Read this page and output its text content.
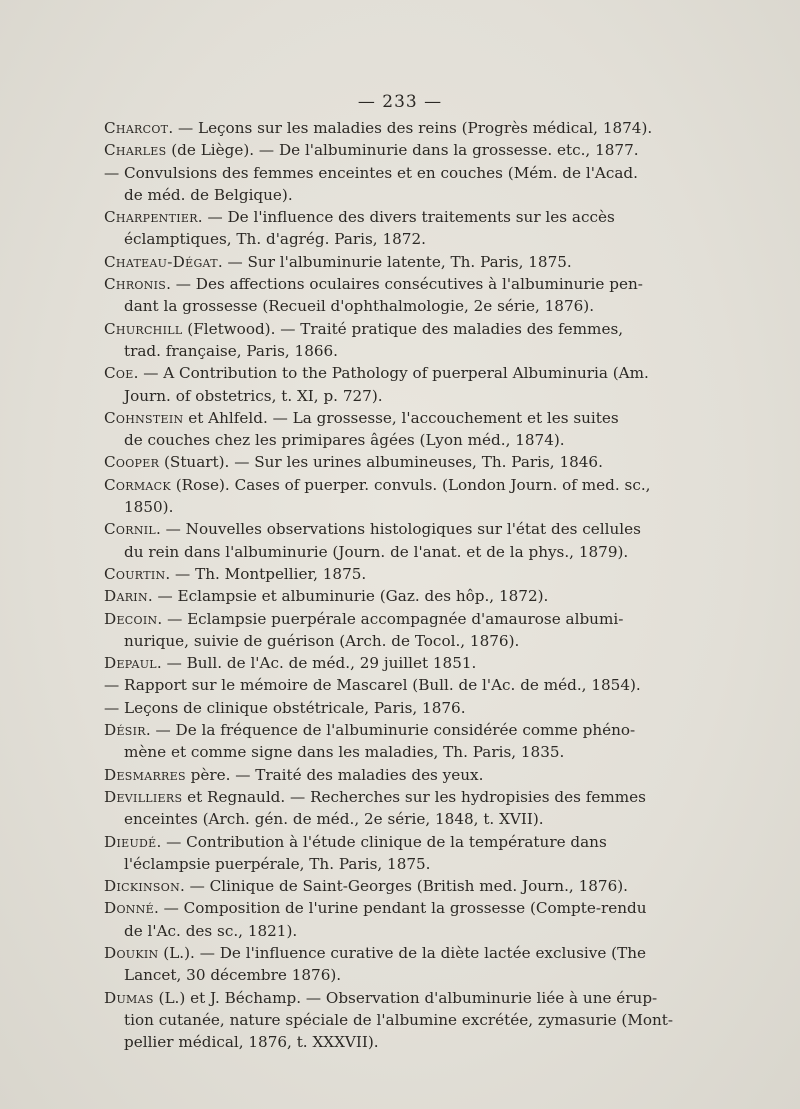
— 233 —

Charcot. — Leçons sur les maladies des reins (Progrès médical, 1874).

Charles (de Liège). — De l'albuminurie dans la grossesse. etc., 1877.

— Convulsions des femmes enceintes et en couches (Mém. de l'Acad.
de méd. de Belgique).

Charpentier. — De l'influence des divers traitements sur les accès
éclamptiques, Th. d'agrég. Paris, 1872.

Chateau-Dégat. — Sur l'albuminurie latente, Th. Paris, 1875.

Chronis. — Des affections oculaires consécutives à l'albuminurie pen-
dant la grossesse (Recueil d'ophthalmologie, 2e série, 1876).

Churchill (Fletwood). — Traité pratique des maladies des femmes,
trad. française, Paris, 1866.

Coe. — A Contribution to the Pathology of puerperal Albuminuria (Am.
Journ. of obstetrics, t. XI, p. 727).

Cohnstein et Ahlfeld. — La grossesse, l'accouchement et les suites
de couches chez les primipares âgées (Lyon méd., 1874).

Cooper (Stuart). — Sur les urines albumineuses, Th. Paris, 1846.

Cormack (Rose). Cases of puerper. convuls. (London Journ. of med. sc.,
1850).

Cornil. — Nouvelles observations histologiques sur l'état des cellules
du rein dans l'albuminurie (Journ. de l'anat. et de la phys., 1879).

Courtin. — Th. Montpellier, 1875.

Darin. — Eclampsie et albuminurie (Gaz. des hôp., 1872).

Decoin. — Eclampsie puerpérale accompagnée d'amaurose albumi-
nurique, suivie de guérison (Arch. de Tocol., 1876).

Depaul. — Bull. de l'Ac. de méd., 29 juillet 1851.

— Rapport sur le mémoire de Mascarel (Bull. de l'Ac. de méd., 1854).

— Leçons de clinique obstétricale, Paris, 1876.

Désir. — De la fréquence de l'albuminurie considérée comme phéno-
mène et comme signe dans les maladies, Th. Paris, 1835.

Desmarres père. — Traité des maladies des yeux.

Devilliers et Regnauld. — Recherches sur les hydropisies des femmes
enceintes (Arch. gén. de méd., 2e série, 1848, t. XVII).

Dieudé. — Contribution à l'étude clinique de la température dans
l'éclampsie puerpérale, Th. Paris, 1875.

Dickinson. — Clinique de Saint-Georges (British med. Journ., 1876).

Donné. — Composition de l'urine pendant la grossesse (Compte-rendu
de l'Ac. des sc., 1821).

Doukin (L.). — De l'influence curative de la diète lactée exclusive (The
Lancet, 30 décembre 1876).

Dumas (L.) et J. Béchamp. — Observation d'albuminurie liée à une érup-
tion cutanée, nature spéciale de l'albumine excrétée, zymasurie (Mont-
pellier médical, 1876, t. XXXVII).
